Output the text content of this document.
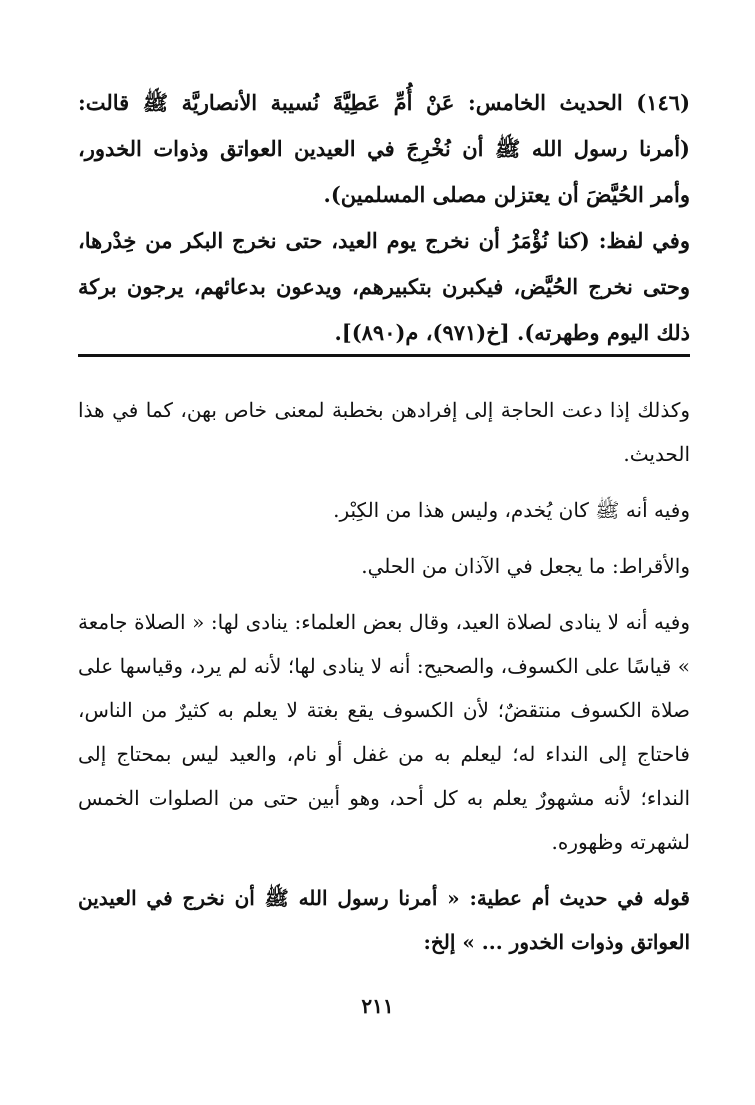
(١٤٦) الحديث الخامس: عَنْ أُمِّ عَطِيَّةَ نُسيبة الأنصاريَّة ﷺ قالت: (أمرنا رسول الله ﷺ أن نُخْرِجَ في العيدين العواتق وذوات الخدور، وأمر الحُيَّضَ أن يعتزلن مصلى المسلمين).

وفي لفظ: (كنا نُؤْمَرُ أن نخرج يوم العيد، حتى نخرج البكر من خِدْرها، وحتى نخرج الحُيَّض، فيكبرن بتكبيرهم، ويدعون بدعائهم، يرجون بركة ذلك اليوم وطهرته). [خ(٩٧١)، م(٨٩٠)].

وكذلك إذا دعت الحاجة إلى إفرادهن بخطبة لمعنى خاص بهن، كما في هذا الحديث.

وفيه أنه ﷺ كان يُخدم، وليس هذا من الكِبْر.

والأقراط: ما يجعل في الآذان من الحلي.

وفيه أنه لا ينادى لصلاة العيد، وقال بعض العلماء: ينادى لها: « الصلاة جامعة » قياسًا على الكسوف، والصحيح: أنه لا ينادى لها؛ لأنه لم يرد، وقياسها على صلاة الكسوف منتقضٌ؛ لأن الكسوف يقع بغتة لا يعلم به كثيرٌ من الناس، فاحتاج إلى النداء له؛ ليعلم به من غفل أو نام، والعيد ليس بمحتاج إلى النداء؛ لأنه مشهورٌ يعلم به كل أحد، وهو أبين حتى من الصلوات الخمس لشهرته وظهوره.

قوله في حديث أم عطية: « أمرنا رسول الله ﷺ أن نخرج في العيدين العواتق وذوات الخدور ... » إلخ:

٢١١
